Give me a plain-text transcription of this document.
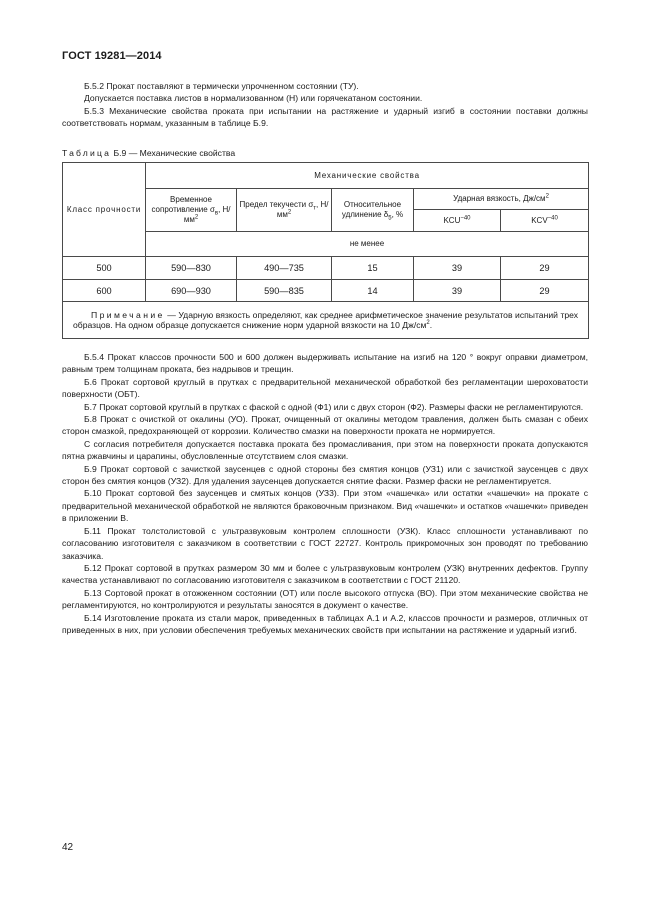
ГОСТ 19281—2014

Б.5.2 Прокат поставляют в термически упрочненном состоянии (ТУ).

Допускается поставка листов в нормализованном (Н) или горячекатаном состоянии.

Б.5.3 Механические свойства проката при испытании на растяжение и ударный изгиб в состоянии поставки должны соответствовать нормам, указанным в таблице Б.9.

Таблица Б.9 — Механические свойства
Класс прочности	Механические свойства				
	Временное сопротивление $\sigma_в$, $Н/мм^2$	Предел текучести $\sigma_т$, $Н/мм^2$	Относительное удлинение $\delta_5$, %	Ударная вязкость, $Дж/см^2$
				$KCU^{-40}$	$KCV^{-40}$
	не менее				
500	590—830	490—735	15	39	29
600	690—930	590—835	14	39	29
Примечание — Ударную вязкость определяют, как среднее арифметическое значение результатов испытаний трех образцов. На одном образце допускается снижение норм ударной вязкости на 10 $Дж/см^2$.					

Б.5.4 Прокат классов прочности 500 и 600 должен выдерживать испытание на изгиб на 120 ° вокруг оправки диаметром, равным трем толщинам проката, без надрывов и трещин.

Б.6 Прокат сортовой круглый в прутках с предварительной механической обработкой без регламентации шероховатости поверхности (ОБТ).

Б.7 Прокат сортовой круглый в прутках с фаской с одной (Ф1) или с двух сторон (Ф2). Размеры фаски не регламентируются.

Б.8 Прокат с очисткой от окалины (УО). Прокат, очищенный от окалины методом травления, должен быть смазан с обеих сторон смазкой, предохраняющей от коррозии. Количество смазки на поверхности проката не нормируется.

С согласия потребителя допускается поставка проката без промасливания, при этом на поверхности проката допускаются пятна ржавчины и царапины, обусловленные отсутствием слоя смазки.

Б.9 Прокат сортовой с зачисткой заусенцев с одной стороны без смятия концов (УЗ1) или с зачисткой заусенцев с двух сторон без смятия концов (УЗ2). Для удаления заусенцев допускается снятие фаски. Размер фаски не регламентируется.

Б.10 Прокат сортовой без заусенцев и смятых концов (УЗ3). При этом «чашечка» или остатки «чашечки» на прокате с предварительной механической обработкой не являются браковочным признаком. Вид «чашечки» и остатков «чашечки» приведен в приложении В.

Б.11 Прокат толстолистовой с ультразвуковым контролем сплошности (УЗК). Класс сплошности устанавливают по согласованию изготовителя с заказчиком в соответствии с ГОСТ 22727. Контроль прикромочных зон проводят по требованию заказчика.

Б.12 Прокат сортовой в прутках размером 30 мм и более с ультразвуковым контролем (УЗК) внутренних дефектов. Группу качества устанавливают по согласованию изготовителя с заказчиком в соответствии с ГОСТ 21120.

Б.13 Сортовой прокат в отожженном состоянии (ОТ) или после высокого отпуска (ВО). При этом механические свойства не регламентируются, но контролируются и результаты заносятся в документ о качестве.

Б.14 Изготовление проката из стали марок, приведенных в таблицах А.1 и А.2, классов прочности и размеров, отличных от приведенных в них, при условии обеспечения требуемых механических свойств при испытании на растяжение и ударный изгиб.

42
